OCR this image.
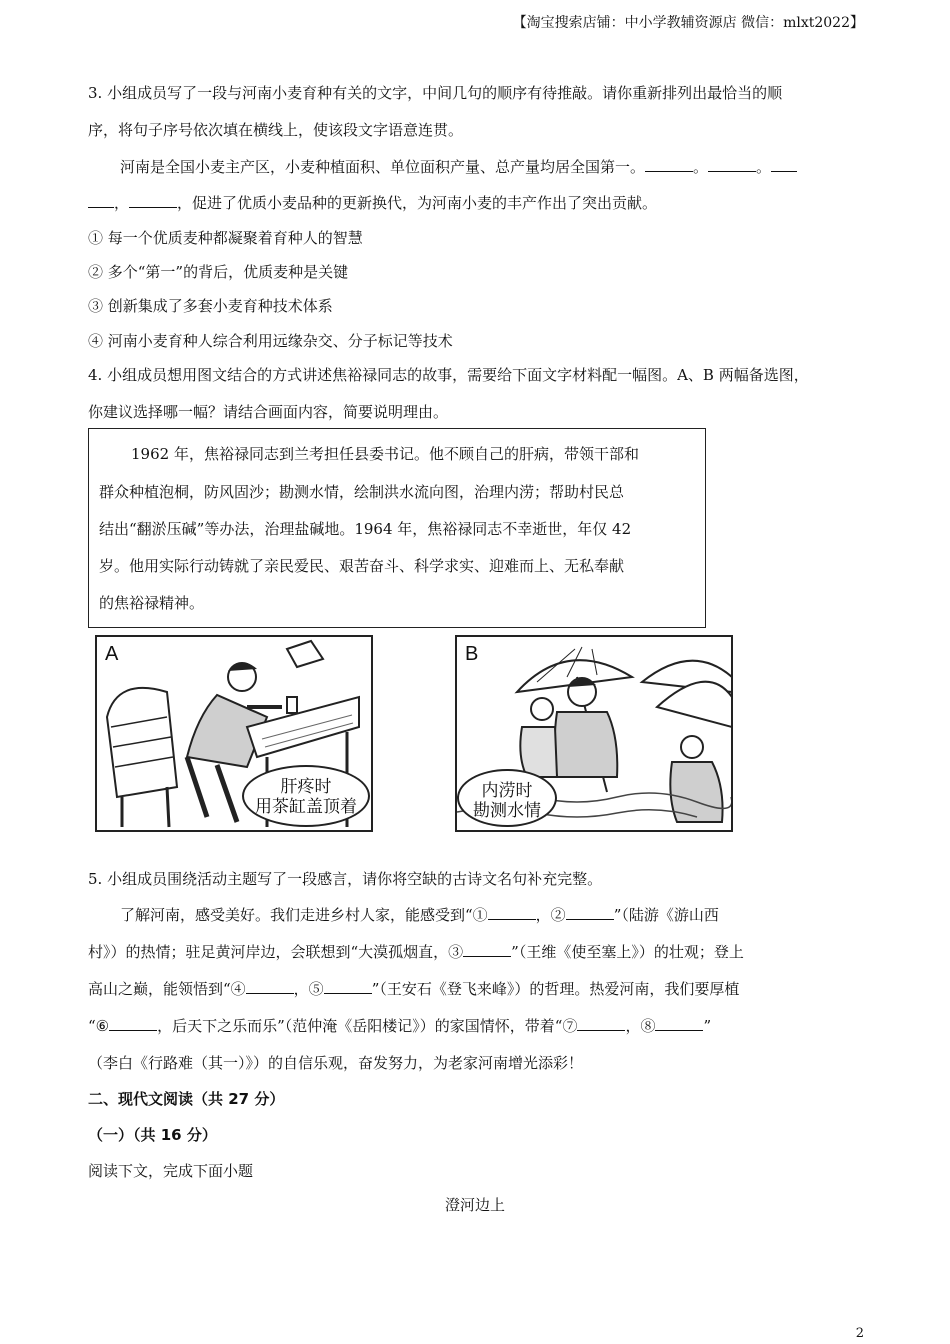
【淘宝搜索店铺：中小学教辅资源店 微信：mlxt2022】
3. 小组成员写了一段与河南小麦育种有关的文字，中间几句的顺序有待推敲。请你重新排列出最恰当的顺
序，将句子序号依次填在横线上，使该段文字语意连贯。
河南是全国小麦主产区，小麦种植面积、单位面积产量、总产量均居全国第一。	。	。
，	，促进了优质小麦品种的更新换代，为河南小麦的丰产作出了突出贡献。
① 每一个优质麦种都凝聚着育种人的智慧
② 多个“第一”的背后，优质麦种是关键
③ 创新集成了多套小麦育种技术体系
④ 河南小麦育种人综合利用远缘杂交、分子标记等技术
4. 小组成员想用图文结合的方式讲述焦裕禄同志的故事，需要给下面文字材料配一幅图。A、B 两幅备选图，
你建议选择哪一幅？请结合画面内容，简要说明理由。
1962 年，焦裕禄同志到兰考担任县委书记。他不顾自己的肝病，带领干部和
群众种植泡桐，防风固沙；勘测水情，绘制洪水流向图，治理内涝；帮助村民总
结出“翻淤压碱”等办法，治理盐碱地。1964 年，焦裕禄同志不幸逝世，年仅 42
岁。他用实际行动铸就了亲民爱民、艰苦奋斗、科学求实、迎难而上、无私奉献
的焦裕禄精神。
A
肝疼时
用茶缸盖顶着
B
内涝时
勘测水情
5. 小组成员围绕活动主题写了一段感言，请你将空缺的古诗文名句补充完整。
了解河南，感受美好。我们走进乡村人家，能感受到“①	，②	”（陆游《游山西
村》）的热情；驻足黄河岸边，会联想到“大漠孤烟直，③	”（王维《使至塞上》）的壮观；登上
高山之巅，能领悟到“④	，⑤	”（王安石《登飞来峰》）的哲理。热爱河南，我们要厚植
“⑥	，后天下之乐而乐”（范仲淹《岳阳楼记》）的家国情怀，带着“⑦	，⑧	”
（李白《行路难（其一）》）的自信乐观，奋发努力，为老家河南增光添彩！
二、现代文阅读（共 27 分）
（一）（共 16 分）
阅读下文，完成下面小题
澄河边上
2
